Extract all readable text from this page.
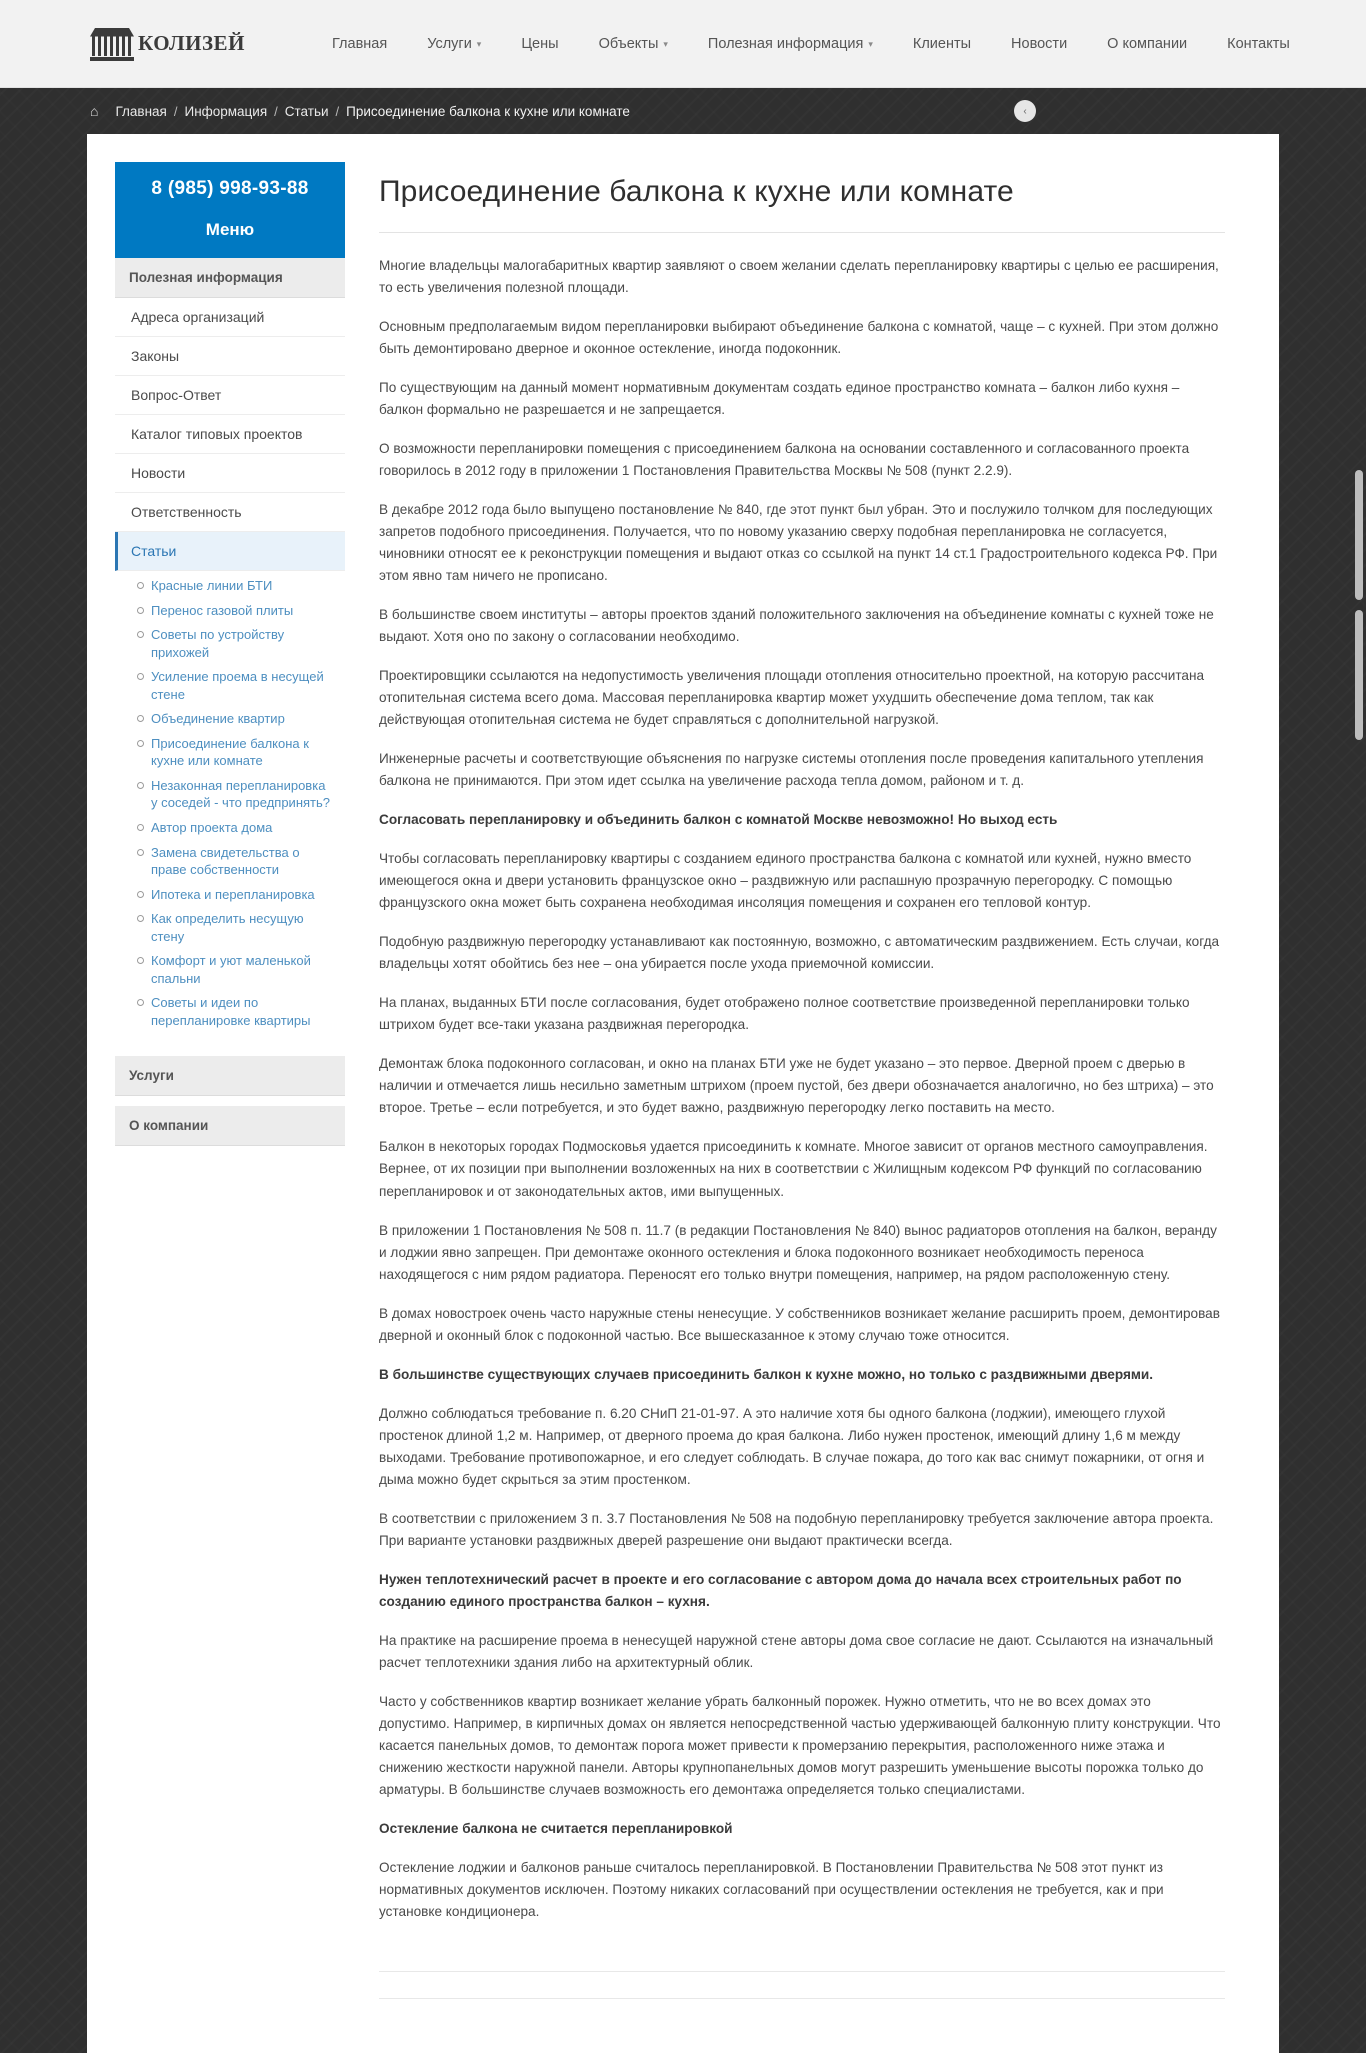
КОЛИЗЕЙ	Главная	Услуги ▾	Цены	Объекты ▾	Полезная информация ▾	Клиенты	Новости	О компании	Контакты
⌂ Главная / Информация / Статьи / Присоединение балкона к кухне или комнате	‹
8 (985) 998-93-88
Меню
Полезная информация
Адреса организаций
Законы
Вопрос-Ответ
Каталог типовых проектов
Новости
Ответственность
Статьи
Красные линии БТИ
Перенос газовой плиты
Советы по устройству прихожей
Усиление проема в несущей стене
Объединение квартир
Присоединение балкона к кухне или комнате
Незаконная перепланировка у соседей - что предпринять?
Автор проекта дома
Замена свидетельства о праве собственности
Ипотека и перепланировка
Как определить несущую стену
Комфорт и уют маленькой спальни
Советы и идеи по перепланировке квартиры
Услуги
О компании
Присоединение балкона к кухне или комнате

Многие владельцы малогабаритных квартир заявляют о своем желании сделать перепланировку квартиры с целью ее расширения, то есть увеличения полезной площади.

Основным предполагаемым видом перепланировки выбирают объединение балкона с комнатой, чаще – с кухней. При этом должно быть демонтировано дверное и оконное остекление, иногда подоконник.

По существующим на данный момент нормативным документам создать единое пространство комната – балкон либо кухня – балкон формально не разрешается и не запрещается.

О возможности перепланировки помещения с присоединением балкона на основании составленного и согласованного проекта говорилось в 2012 году в приложении 1 Постановления Правительства Москвы № 508 (пункт 2.2.9).

В декабре 2012 года было выпущено постановление № 840, где этот пункт был убран. Это и послужило толчком для последующих запретов подобного присоединения. Получается, что по новому указанию сверху подобная перепланировка не согласуется, чиновники относят ее к реконструкции помещения и выдают отказ со ссылкой на пункт 14 ст.1 Градостроительного кодекса РФ. При этом явно там ничего не прописано.

В большинстве своем институты – авторы проектов зданий положительного заключения на объединение комнаты с кухней тоже не выдают. Хотя оно по закону о согласовании необходимо.

Проектировщики ссылаются на недопустимость увеличения площади отопления относительно проектной, на которую рассчитана отопительная система всего дома. Массовая перепланировка квартир может ухудшить обеспечение дома теплом, так как действующая отопительная система не будет справляться с дополнительной нагрузкой.

Инженерные расчеты и соответствующие объяснения по нагрузке системы отопления после проведения капитального утепления балкона не принимаются. При этом идет ссылка на увеличение расхода тепла домом, районом и т. д.

Согласовать перепланировку и объединить балкон с комнатой Москве невозможно! Но выход есть

Чтобы согласовать перепланировку квартиры с созданием единого пространства балкона с комнатой или кухней, нужно вместо имеющегося окна и двери установить французское окно – раздвижную или распашную прозрачную перегородку. С помощью французского окна может быть сохранена необходимая инсоляция помещения и сохранен его тепловой контур.

Подобную раздвижную перегородку устанавливают как постоянную, возможно, с автоматическим раздвижением. Есть случаи, когда владельцы хотят обойтись без нее – она убирается после ухода приемочной комиссии.

На планах, выданных БТИ после согласования, будет отображено полное соответствие произведенной перепланировки только штрихом будет все-таки указана раздвижная перегородка.

Демонтаж блока подоконного согласован, и окно на планах БТИ уже не будет указано – это первое. Дверной проем с дверью в наличии и отмечается лишь несильно заметным штрихом (проем пустой, без двери обозначается аналогично, но без штриха) – это второе. Третье – если потребуется, и это будет важно, раздвижную перегородку легко поставить на место.

Балкон в некоторых городах Подмосковья удается присоединить к комнате. Многое зависит от органов местного самоуправления. Вернее, от их позиции при выполнении возложенных на них в соответствии с Жилищным кодексом РФ функций по согласованию перепланировок и от законодательных актов, ими выпущенных.

В приложении 1 Постановления № 508 п. 11.7 (в редакции Постановления № 840) вынос радиаторов отопления на балкон, веранду и лоджии явно запрещен. При демонтаже оконного остекления и блока подоконного возникает необходимость переноса находящегося с ним рядом радиатора. Переносят его только внутри помещения, например, на рядом расположенную стену.

В домах новостроек очень часто наружные стены ненесущие. У собственников возникает желание расширить проем, демонтировав дверной и оконный блок с подоконной частью. Все вышесказанное к этому случаю тоже относится.

В большинстве существующих случаев присоединить балкон к кухне можно, но только с раздвижными дверями.

Должно соблюдаться требование п. 6.20 СНиП 21-01-97. А это наличие хотя бы одного балкона (лоджии), имеющего глухой простенок длиной 1,2 м. Например, от дверного проема до края балкона. Либо нужен простенок, имеющий длину 1,6 м между выходами. Требование противопожарное, и его следует соблюдать. В случае пожара, до того как вас снимут пожарники, от огня и дыма можно будет скрыться за этим простенком.

В соответствии с приложением 3 п. 3.7 Постановления № 508 на подобную перепланировку требуется заключение автора проекта. При варианте установки раздвижных дверей разрешение они выдают практически всегда.

Нужен теплотехнический расчет в проекте и его согласование с автором дома до начала всех строительных работ по созданию единого пространства балкон – кухня.

На практике на расширение проема в ненесущей наружной стене авторы дома свое согласие не дают. Ссылаются на изначальный расчет теплотехники здания либо на архитектурный облик.

Часто у собственников квартир возникает желание убрать балконный порожек. Нужно отметить, что не во всех домах это допустимо. Например, в кирпичных домах он является непосредственной частью удерживающей балконную плиту конструкции. Что касается панельных домов, то демонтаж порога может привести к промерзанию перекрытия, расположенного ниже этажа и снижению жесткости наружной панели. Авторы крупнопанельных домов могут разрешить уменьшение высоты порожка только до арматуры. В большинстве случаев возможность его демонтажа определяется только специалистами.

Остекление балкона не считается перепланировкой

Остекление лоджии и балконов раньше считалось перепланировкой. В Постановлении Правительства № 508 этот пункт из нормативных документов исключен. Поэтому никаких согласований при осуществлении остекления не требуется, как и при установке кондиционера.
